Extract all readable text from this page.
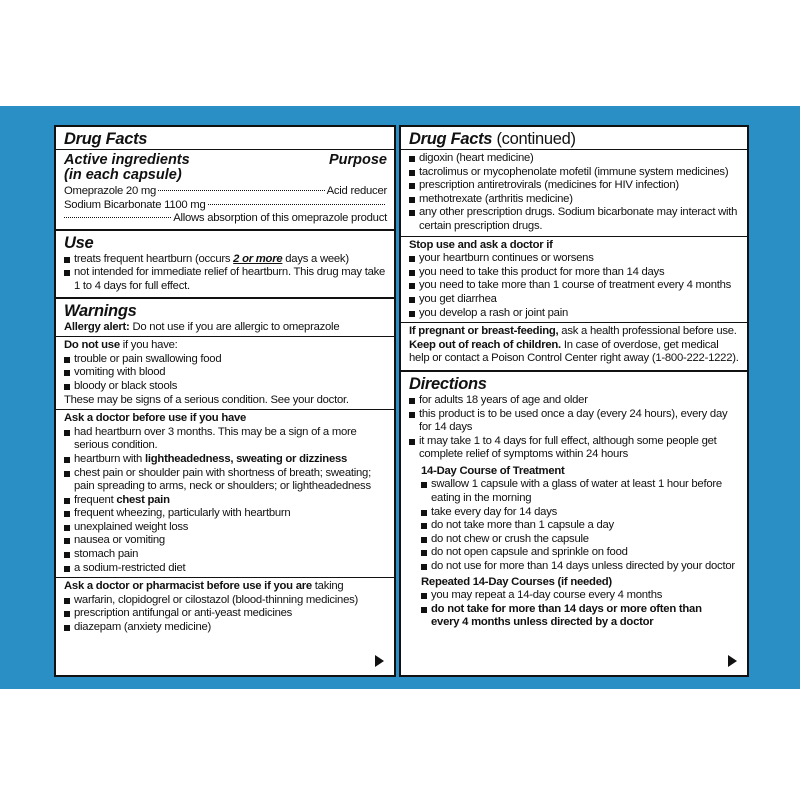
Drug Facts
Active ingredients
(in each capsule)
Purpose
Omeprazole 20 mg	Acid reducer
Sodium Bicarbonate 1100 mg
Allows absorption of this omeprazole product
Use
treats frequent heartburn (occurs 2 or more days a week)
not intended for immediate relief of heartburn. This drug may take 1 to 4 days for full effect.
Warnings
Allergy alert: Do not use if you are allergic to omeprazole
Do not use if you have:
trouble or pain swallowing food
vomiting with blood
bloody or black stools
These may be signs of a serious condition. See your doctor.
Ask a doctor before use if you have
had heartburn over 3 months. This may be a sign of a more serious condition.
heartburn with lightheadedness, sweating or dizziness
chest pain or shoulder pain with shortness of breath; sweating; pain spreading to arms, neck or shoulders; or lightheadedness
frequent chest pain
frequent wheezing, particularly with heartburn
unexplained weight loss
nausea or vomiting
stomach pain
a sodium-restricted diet
Ask a doctor or pharmacist before use if you are taking
warfarin, clopidogrel or cilostazol (blood-thinning medicines)
prescription antifungal or anti-yeast medicines
diazepam (anxiety medicine)
Drug Facts (continued)
digoxin (heart medicine)
tacrolimus or mycophenolate mofetil (immune system medicines)
prescription antiretrovirals (medicines for HIV infection)
methotrexate (arthritis medicine)
any other prescription drugs. Sodium bicarbonate may interact with certain prescription drugs.
Stop use and ask a doctor if
your heartburn continues or worsens
you need to take this product for more than 14 days
you need to take more than 1 course of treatment every 4 months
you get diarrhea
you develop a rash or joint pain
If pregnant or breast-feeding, ask a health professional before use.
Keep out of reach of children. In case of overdose, get medical help or contact a Poison Control Center right away (1-800-222-1222).
Directions
for adults 18 years of age and older
this product is to be used once a day (every 24 hours), every day for 14 days
it may take 1 to 4 days for full effect, although some people get complete relief of symptoms within 24 hours
14-Day Course of Treatment
swallow 1 capsule with a glass of water at least 1 hour before eating in the morning
take every day for 14 days
do not take more than 1 capsule a day
do not chew or crush the capsule
do not open capsule and sprinkle on food
do not use for more than 14 days unless directed by your doctor
Repeated 14-Day Courses (if needed)
you may repeat a 14-day course every 4 months
do not take for more than 14 days or more often than every 4 months unless directed by a doctor
